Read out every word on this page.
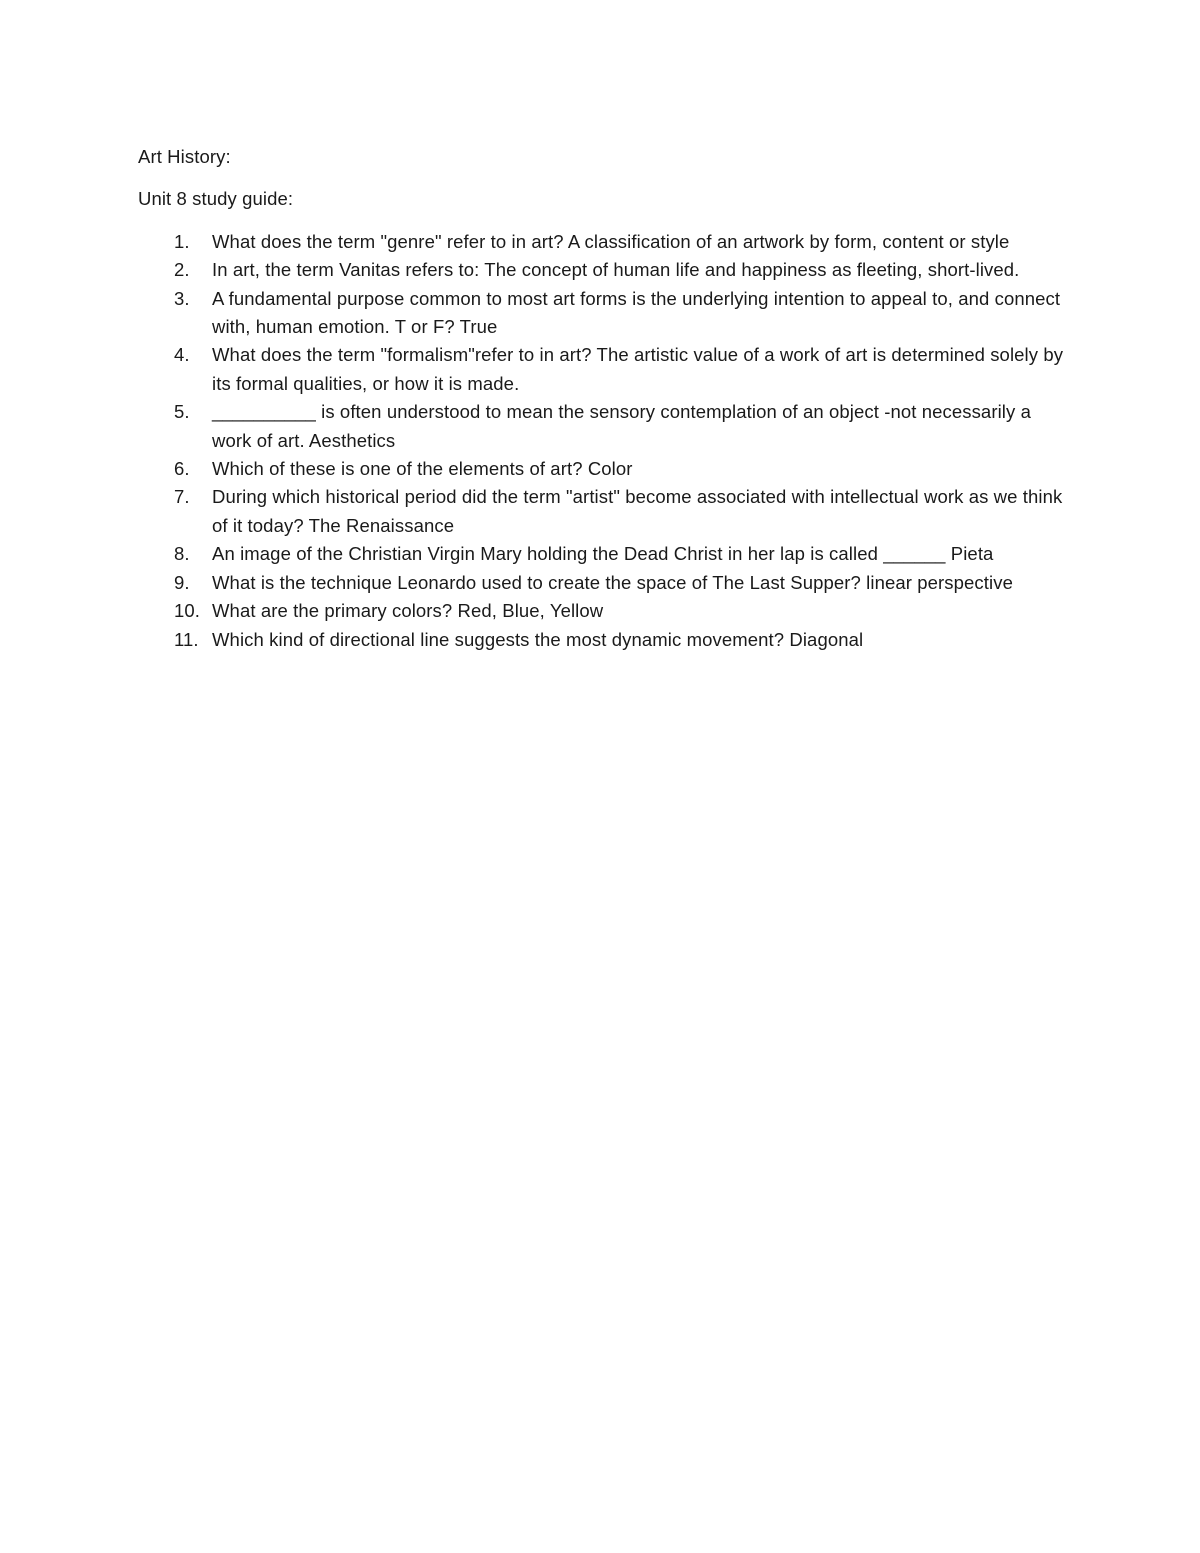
Art History:
Unit 8 study guide:
1.	What does the term "genre" refer to in art? A classification of an artwork by form, content or style
2.	In art, the term Vanitas refers to: The concept of human life and happiness as fleeting, short-lived.
3.	A fundamental purpose common to most art forms is the underlying intention to appeal to, and connect with, human emotion. T or F? True
4.	What does the term "formalism"refer to in art? The artistic value of a work of art is determined solely by its formal qualities, or how it is made.
5.	__________ is often understood to mean the sensory contemplation of an object -not necessarily a work of art. Aesthetics
6.	Which of these is one of the elements of art? Color
7.	During which historical period did the term "artist" become associated with intellectual work as we think of it today? The Renaissance
8.	An image of the Christian Virgin Mary holding the Dead Christ in her lap is called ______ Pieta
9.	What is the technique Leonardo used to create the space of The Last Supper? linear perspective
10. What are the primary colors? Red, Blue, Yellow
11. Which kind of directional line suggests the most dynamic movement? Diagonal
